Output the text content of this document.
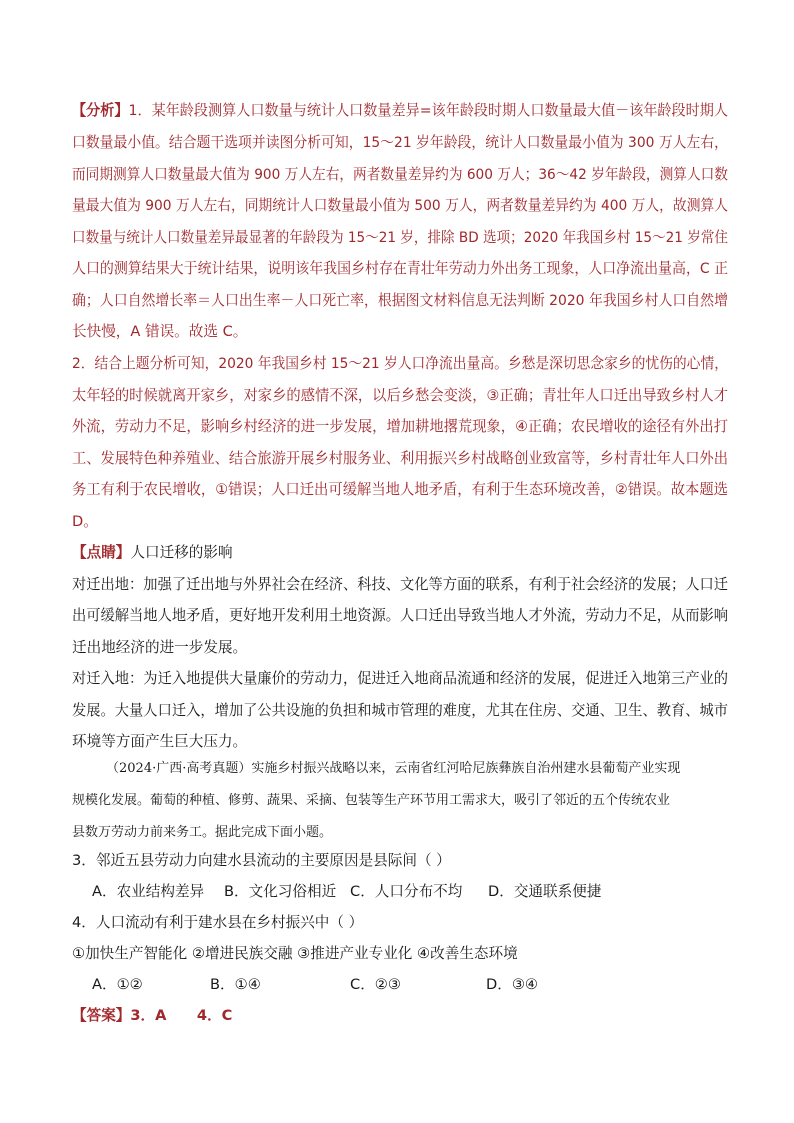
【分析】1．某年龄段测算人口数量与统计人口数量差异=该年龄段时期人口数量最大值－该年龄段时期人
口数量最小值。结合题干选项并读图分析可知，15～21 岁年龄段，统计人口数量最小值为 300 万人左右，
而同期测算人口数量最大值为 900 万人左右，两者数量差异约为 600 万人；36～42 岁年龄段，测算人口数
量最大值为 900 万人左右，同期统计人口数量最小值为 500 万人，两者数量差异约为 400 万人，故测算人
口数量与统计人口数量差异最显著的年龄段为 15～21 岁，排除 BD 选项；2020 年我国乡村 15～21 岁常住
人口的测算结果大于统计结果，说明该年我国乡村存在青壮年劳动力外出务工现象，人口净流出量高，C 正
确；人口自然增长率＝人口出生率－人口死亡率，根据图文材料信息无法判断 2020 年我国乡村人口自然增
长快慢，A 错误。故选 C。
2．结合上题分析可知，2020 年我国乡村 15～21 岁人口净流出量高。乡愁是深切思念家乡的忧伤的心情，
太年轻的时候就离开家乡，对家乡的感情不深，以后乡愁会变淡，③正确；青壮年人口迁出导致乡村人才
外流，劳动力不足，影响乡村经济的进一步发展，增加耕地撂荒现象，④正确；农民增收的途径有外出打
工、发展特色种养殖业、结合旅游开展乡村服务业、利用振兴乡村战略创业致富等，乡村青壮年人口外出
务工有利于农民增收，①错误；人口迁出可缓解当地人地矛盾，有利于生态环境改善，②错误。故本题选
D。
【点睛】人口迁移的影响
对迁出地：加强了迁出地与外界社会在经济、科技、文化等方面的联系，有利于社会经济的发展；人口迁
出可缓解当地人地矛盾，更好地开发利用土地资源。人口迁出导致当地人才外流，劳动力不足，从而影响
迁出地经济的进一步发展。
对迁入地：为迁入地提供大量廉价的劳动力，促进迁入地商品流通和经济的发展，促进迁入地第三产业的
发展。大量人口迁入，增加了公共设施的负担和城市管理的难度，尤其在住房、交通、卫生、教育、城市
环境等方面产生巨大压力。
（2024·广西·高考真题）实施乡村振兴战略以来，云南省红河哈尼族彝族自治州建水县葡萄产业实现
规模化发展。葡萄的种植、修剪、蔬果、采摘、包装等生产环节用工需求大，吸引了邻近的五个传统农业
县数万劳动力前来务工。据此完成下面小题。
3．邻近五县劳动力向建水县流动的主要原因是县际间（ ）
A．农业结构差异 B．文化习俗相近 C．人口分布不均 D．交通联系便捷
4．人口流动有利于建水县在乡村振兴中（ ）
①加快生产智能化 ②增进民族交融 ③推进产业专业化 ④改善生态环境
A．①②	B．①④	C．②③	D．③④
【答案】3．A      4．C
